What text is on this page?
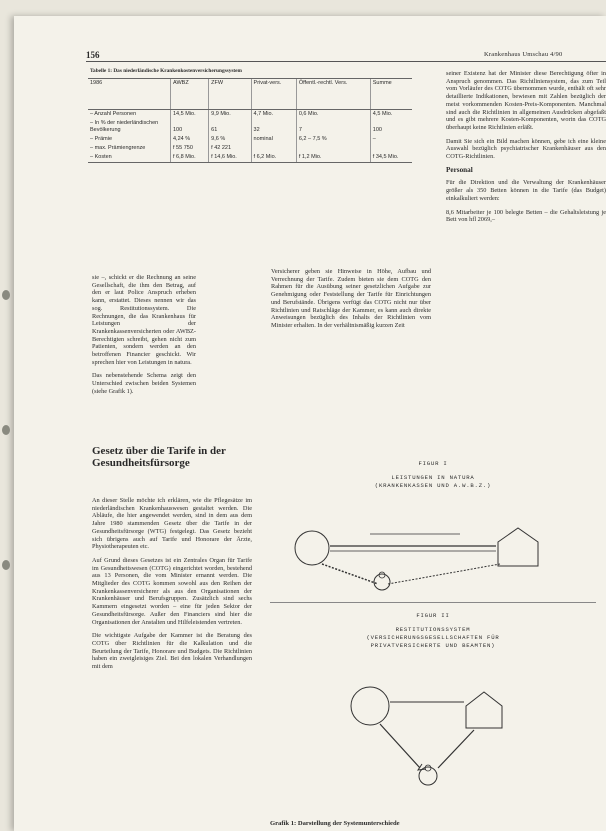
156	Krankenhaus Umschau 4/90
Tabelle 1: Das niederländische Krankenkostenversicherungssystem
1986	AWBZ	ZFW	Privat-vers.	Öffentl.-rechtl. Vers.	Summe
– Anzahl Personen	14,5 Mio.	9,9 Mio.	4,7 Mio.	0,6 Mio.	4,5 Mio.
– In % der niederländischen Bevölkerung	100	61	32	7	100
– Prämie	4,24 %	9,6 %	nominal	6,2 – 7,5 %	–
– max. Prämiengrenze	f 55 750	f 42 221			
– Kosten	f 6,8 Mio.	f 14,6 Mio.	f 6,2 Mio.	f 1,2 Mio.	f 34,5 Mio.

sie –, schickt er die Rechnung an seine Gesellschaft, die ihm den Betrag, auf den er laut Police Anspruch erheben kann, erstattet. Dieses nennen wir das sog. Restitutionssystem. Die Rechnungen, die das Krankenhaus für Leistungen der Krankenkassenversicherten oder AWBZ-Berechtigten schreibt, gehen nicht zum Patienten, sondern werden an den betroffenen Financier geschickt. Wir sprechen hier von Leistungen in natura.

Das nebenstehende Schema zeigt den Unterschied zwischen beiden Systemen (siehe Grafik 1).

Versicherer geben sie Hinweise in Höhe, Aufbau und Verrechnung der Tarife. Zudem bieten sie dem COTG den Rahmen für die Ausübung seiner gesetzlichen Aufgabe zur Genehmigung oder Feststellung der Tarife für Einrichtungen und Berufstände. Übrigens verfügt das COTG nicht nur über Richtlinien und Ratschläge der Kammer, es kann auch direkte Anweisungen bezüglich des Inhalts der Richtlinien vom Minister erhalten. In der verhältnismäßig kurzen Zeit

seiner Existenz hat der Minister diese Berechtigung öfter in Anspruch genommen. Das Richtliniensystem, das zum Teil vom Vorläufer des COTG übernommen wurde, enthält oft sehr detaillierte Indikationen, bewiesen mit Zahlen bezüglich der meist vorkommenden Kosten-Preis-Komponenten. Manchmal sind auch die Richtlinien in allgemeinen Ausdrücken abgefaßt und es gibt mehrere Kosten-Komponenten, worin das COTG überhaupt keine Richtlinien erläßt.

Damit Sie sich ein Bild machen können, gebe ich eine kleine Auswahl bezüglich psychiatrischer Krankenhäuser aus den COTG-Richtlinien.

Personal

Für die Direktion und die Verwaltung der Krankenhäuser größer als 350 Betten können in die Tarife (das Budget) einkalkuliert werden:

8,6 Mitarbeiter je 100 belegte Betten – die Gehaltsleistung je Bett von hfl 2069,–

Gesetz über die Tarife in der Gesundheitsfürsorge

An dieser Stelle möchte ich erklären, wie die Pflegesätze im niederländischen Krankenhauswesen gestaltet werden. Die Abläufe, die hier angewendet werden, sind in dem aus dem Jahre 1980 stammenden Gesetz über die Tarife in der Gesundheitsfürsorge (WTG) festgelegt. Das Gesetz bezieht sich übrigens auch auf Tarife und Honorare der Ärzte, Physiotherapeuten etc.

Auf Grund dieses Gesetzes ist ein Zentrales Organ für Tarife im Gesundheitswesen (COTG) eingerichtet worden, bestehend aus 13 Personen, die vom Minister ernannt werden. Die Mitglieder des COTG kommen sowohl aus den Reihen der Krankenkassenversicherer als aus den Organisationen der Krankenhäuser und Berufsgruppen. Zusätzlich sind sechs Kammern eingesetzt worden – eine für jeden Sektor der Gesundheitsfürsorge. Außer den Financiers sind hier die Organisationen der Anstalten und Hilfeleistenden vertreten.

Die wichtigste Aufgabe der Kammer ist die Beratung des COTG über Richtlinien für die Kalkulation und die Beurteilung der Tarife, Honorare und Budgets. Die Richtlinien haben ein zweigleisiges Ziel. Bei den lokalen Verhandlungen mit dem

FIGUR I
LEISTUNGEN IN NATURA
(KRANKENKASSEN UND A.W.B.Z.)
FIGUR II
RESTITUTIONSSYSTEM
(VERSICHERUNGSGESELLSCHAFTEN FÜR
PRIVATVERSICHERTE UND BEAMTEN)
Grafik 1: Darstellung der Systemunterschiede
